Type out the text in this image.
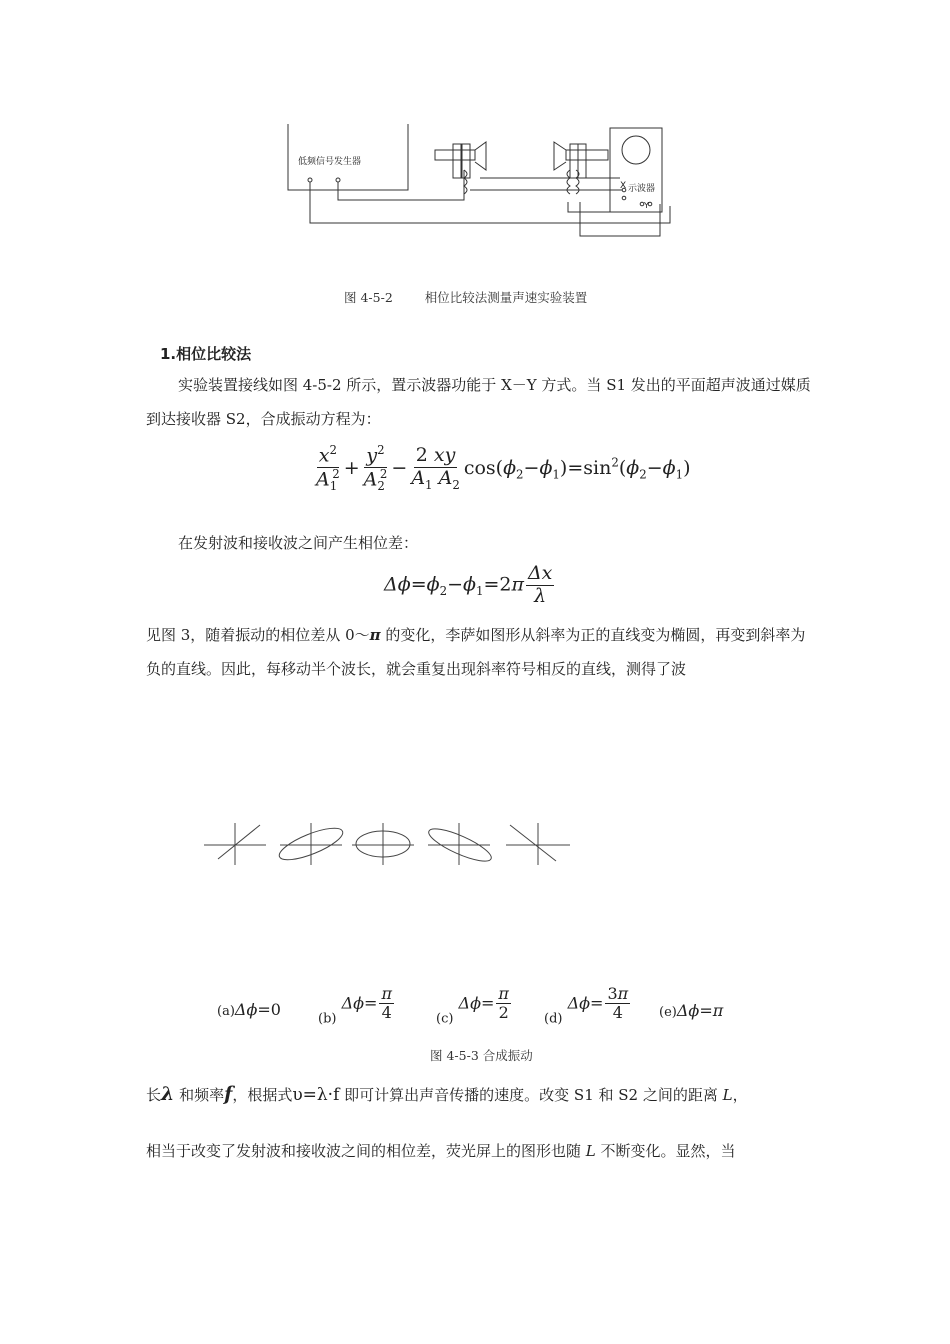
低频信号发生器
X 示波器
Y
图 4-5-2	相位比较法测量声速实验装置
1.相位比较法
实验装置接线如图 4-5-2 所示，置示波器功能于 X－Y 方式。当 S1 发出的平面超声波通过媒质到达接收器 S2，合成振动方程为：
$\frac{x^2}{A_1^2} + \frac{y^2}{A_2^2} - \frac{2 xy}{A_1 A_2} \cos(\phi_2-\phi_1)=\sin^2(\phi_2-\phi_1)$
在发射波和接收波之间产生相位差：
$\Delta\phi=\phi_2-\phi_1=2\pi \frac{\Delta x}{\lambda}$
见图 3，随着振动的相位差从 0～π 的变化，李萨如图形从斜率为正的直线变为椭圆，再变到斜率为负的直线。因此，每移动半个波长，就会重复出现斜率符号相反的直线，测得了波
(a)Δϕ=0	$_{(b)}$ $\Delta\phi= \frac{\pi}{4}$	$_{(c)}$ $\Delta\phi= \frac{\pi}{2}$	$_{(d)}$ $\Delta\phi= \frac{3\pi}{4} (e)\Delta\phi=\pi$
图 4-5-3 合成振动
长λ 和频率f，根据式υ=λ·f 即可计算出声音传播的速度。改变 S1 和 S2 之间的距离 L，
相当于改变了发射波和接收波之间的相位差，荧光屏上的图形也随 L 不断变化。显然，当
